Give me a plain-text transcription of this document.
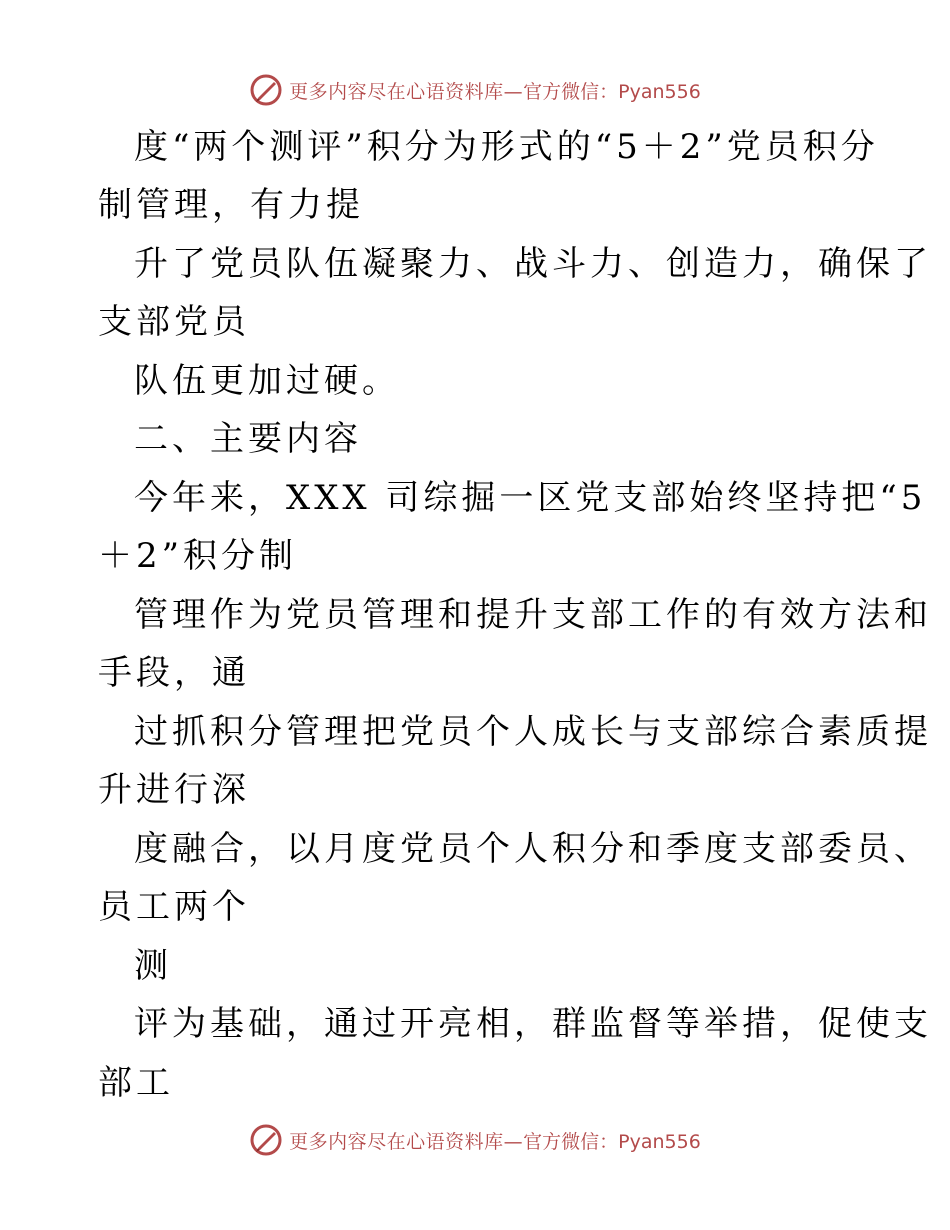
更多内容尽在心语资料库— 官方微信：Pyan556
度“两个测评”积分为形式的“5＋2”党员积分
制管理，有力提
升了党员队伍凝聚力、战斗力、创造力，确保了
支部党员
队伍更加过硬。
二、主要内容
今年来，XXX 司综掘一区党支部始终坚持把“5
＋2”积分制
管理作为党员管理和提升支部工作的有效方法和
手段，通
过抓积分管理把党员个人成长与支部综合素质提
升进行深
度融合，以月度党员个人积分和季度支部委员、
员工两个
测
评为基础，通过开亮相，群监督等举措，促使支
部工
更多内容尽在心语资料库— 官方微信：Pyan556
